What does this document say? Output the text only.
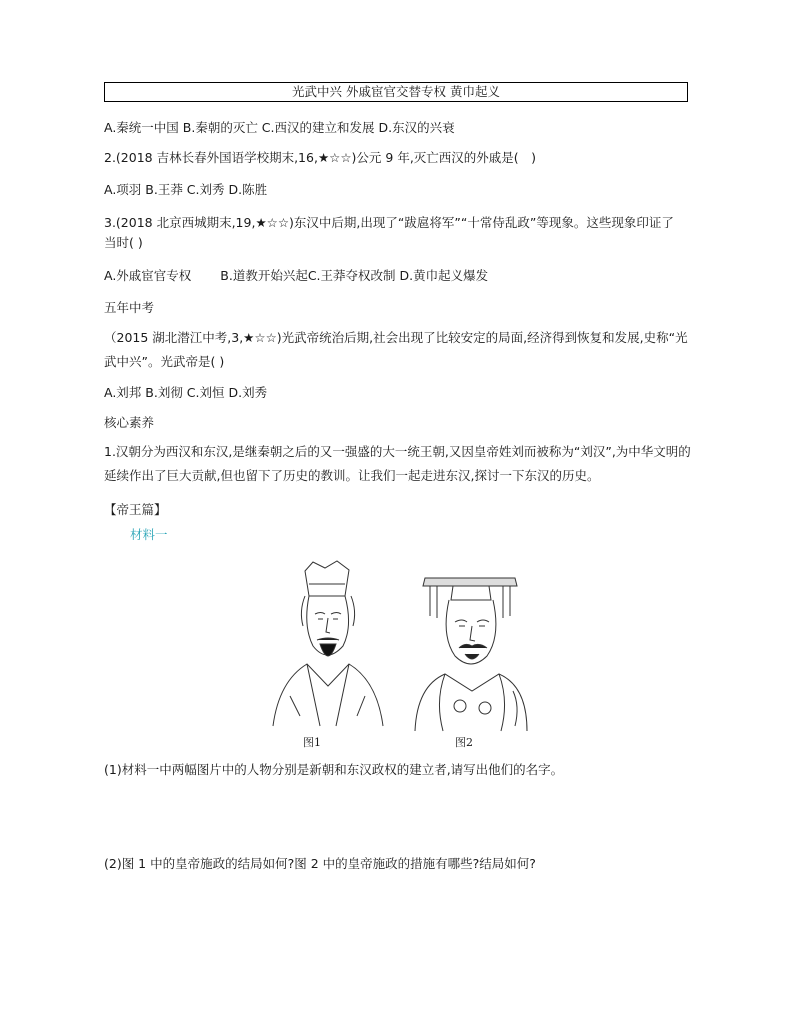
光武中兴 外戚宦官交替专权 黄巾起义
A.秦统一中国 B.秦朝的灭亡 C.西汉的建立和发展 D.东汉的兴衰
2.(2018 吉林长春外国语学校期末,16,★☆☆)公元 9 年,灭亡西汉的外戚是(　)
A.项羽 B.王莽 C.刘秀 D.陈胜
3.(2018 北京西城期末,19,★☆☆)东汉中后期,出现了“跋扈将军”“十常侍乱政”等现象。这些现象印证了
当时( )
A.外戚宦官专权　　 B.道教开始兴起C.王莽夺权改制 D.黄巾起义爆发
五年中考
（2015 湖北潜江中考,3,★☆☆)光武帝统治后期,社会出现了比较安定的局面,经济得到恢复和发展,史称“光
武中兴”。光武帝是( )
A.刘邦 B.刘彻 C.刘恒 D.刘秀
核心素养
1.汉朝分为西汉和东汉,是继秦朝之后的又一强盛的大一统王朝,又因皇帝姓刘而被称为“刘汉”,为中华文明的
延续作出了巨大贡献,但也留下了历史的教训。让我们一起走进东汉,探讨一下东汉的历史。
【帝王篇】
材料一
图1	图2
(1)材料一中两幅图片中的人物分别是新朝和东汉政权的建立者,请写出他们的名字。
(2)图 1 中的皇帝施政的结局如何?图 2 中的皇帝施政的措施有哪些?结局如何?
